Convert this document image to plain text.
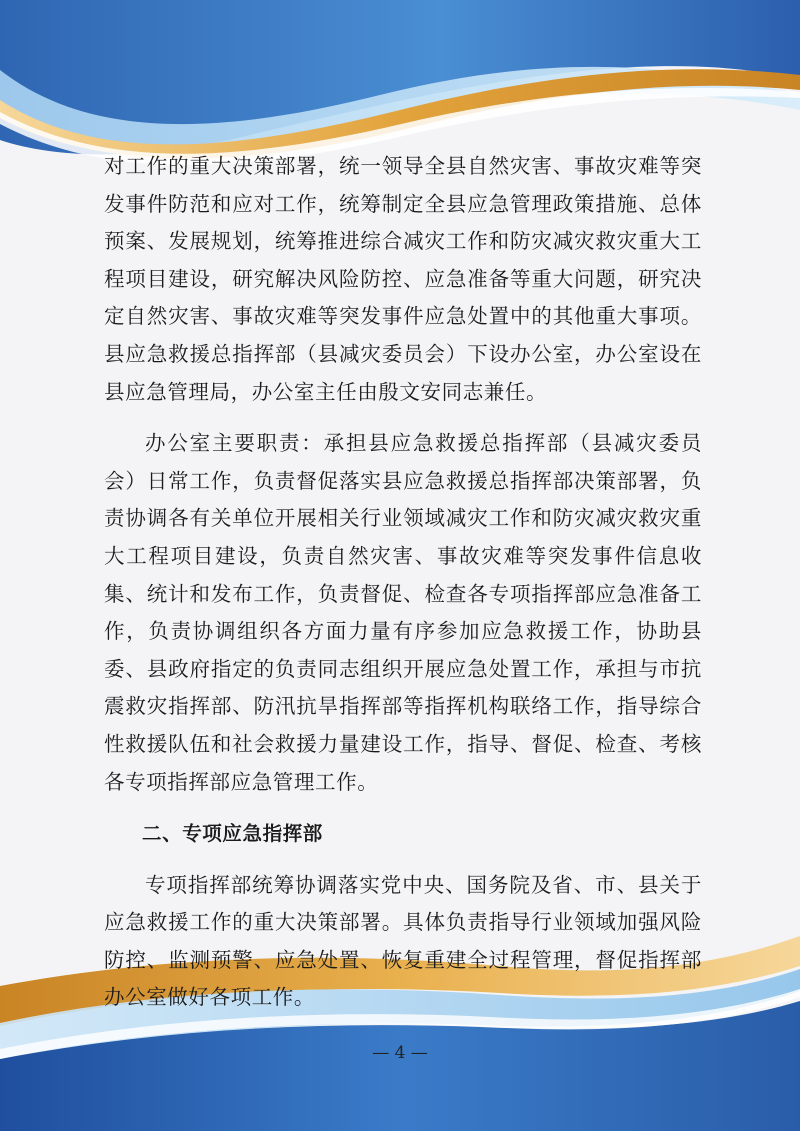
对工作的重大决策部署，统一领导全县自然灾害、事故灾难等突发事件防范和应对工作，统筹制定全县应急管理政策措施、总体预案、发展规划，统筹推进综合减灾工作和防灾减灾救灾重大工程项目建设，研究解决风险防控、应急准备等重大问题，研究决定自然灾害、事故灾难等突发事件应急处置中的其他重大事项。县应急救援总指挥部（县减灾委员会）下设办公室，办公室设在县应急管理局，办公室主任由殷文安同志兼任。

办公室主要职责：承担县应急救援总指挥部（县减灾委员会）日常工作，负责督促落实县应急救援总指挥部决策部署，负责协调各有关单位开展相关行业领域减灾工作和防灾减灾救灾重大工程项目建设，负责自然灾害、事故灾难等突发事件信息收集、统计和发布工作，负责督促、检查各专项指挥部应急准备工作，负责协调组织各方面力量有序参加应急救援工作，协助县委、县政府指定的负责同志组织开展应急处置工作，承担与市抗震救灾指挥部、防汛抗旱指挥部等指挥机构联络工作，指导综合性救援队伍和社会救援力量建设工作，指导、督促、检查、考核各专项指挥部应急管理工作。

二、专项应急指挥部

专项指挥部统筹协调落实党中央、国务院及省、市、县关于应急救援工作的重大决策部署。具体负责指导行业领域加强风险防控、监测预警、应急处置、恢复重建全过程管理，督促指挥部办公室做好各项工作。

— 4 —
